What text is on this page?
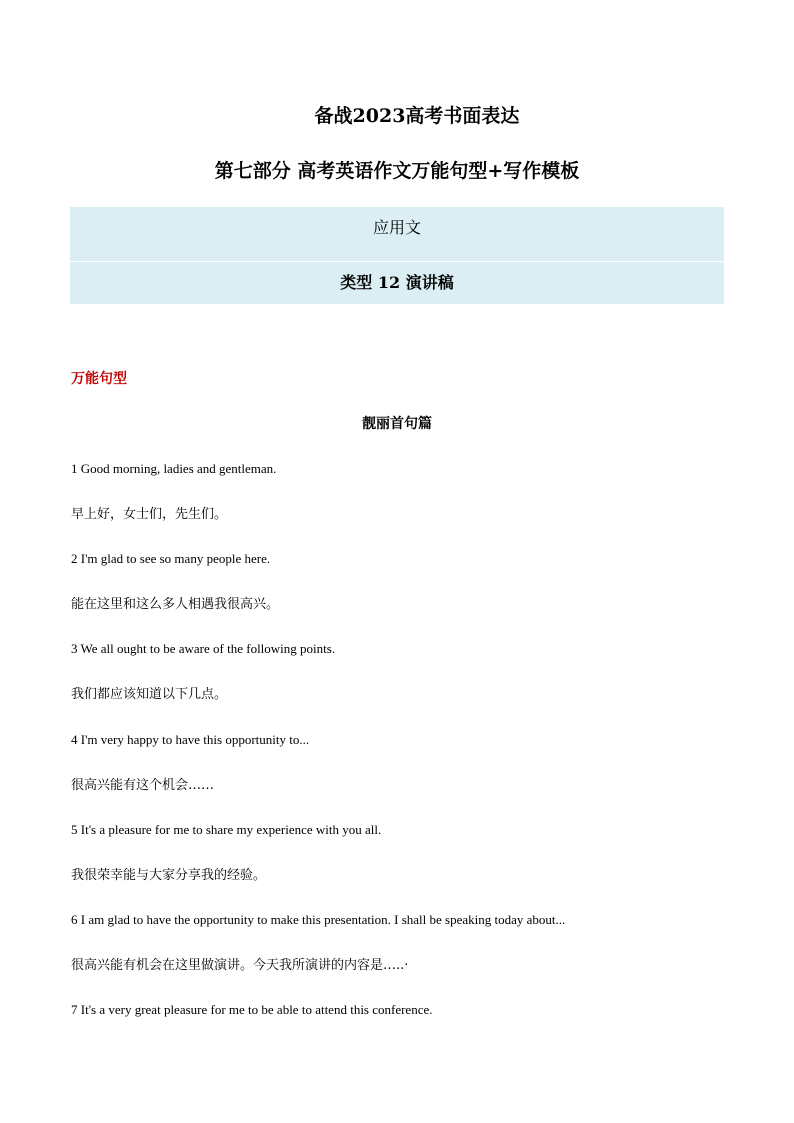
备战2023高考书面表达
第七部分 高考英语作文万能句型+写作模板
应用文
类型 12 演讲稿
万能句型
靓丽首句篇
1 Good morning, ladies and gentleman.
早上好，女士们，先生们。
2 I'm glad to see so many people here.
能在这里和这么多人相遇我很高兴。
3 We all ought to be aware of the following points.
我们都应该知道以下几点。
4 I'm very happy to have this opportunity to...
很高兴能有这个机会……
5 It's a pleasure for me to share my experience with you all.
我很荣幸能与大家分享我的经验。
6 I am glad to have the opportunity to make this presentation. I shall be speaking today about...
很高兴能有机会在这里做演讲。今天我所演讲的内容是…..·
7 It's a very great pleasure for me to be able to attend this conference.
